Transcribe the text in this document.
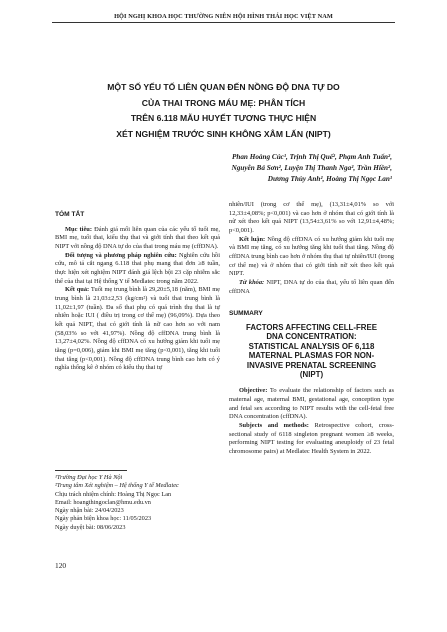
HỘI NGHỊ KHOA HỌC THƯỜNG NIÊN HỘI HÌNH THÁI HỌC VIỆT NAM
MỘT SỐ YẾU TỐ LIÊN QUAN ĐẾN NỒNG ĐỘ DNA TỰ DO
CỦA THAI TRONG MÁU MẸ: PHÂN TÍCH
TRÊN 6.118 MẪU HUYẾT TƯƠNG THỰC HIỆN
XÉT NGHIỆM TRƯỚC SINH KHÔNG XÂM LẤN (NIPT)
Phan Hoàng Cúc¹, Trịnh Thị Quế², Phạm Anh Tuấn²,
Nguyễn Bá Sơn², Luyện Thị Thanh Nga², Trần Hiền²,
Dương Thùy Anh², Hoàng Thị Ngọc Lan¹
TÓM TẮT

Mục tiêu: Đánh giá mối liên quan của các yếu tố tuổi mẹ, BMI mẹ, tuổi thai, kiểu thụ thai và giới tính thai theo kết quả NIPT với nồng độ DNA tự do của thai trong máu mẹ (cffDNA).

Đối tượng và phương pháp nghiên cứu: Nghiên cứu hồi cứu, mô tả cắt ngang 6.118 thai phụ mang thai đơn ≥8 tuần, thực hiện xét nghiệm NIPT đánh giá lệch bội 23 cặp nhiễm sắc thể của thai tại Hệ thống Y tế Medlatec trong năm 2022.

Kết quả: Tuổi mẹ trung bình là 29,20±5,18 (năm), BMI mẹ trung bình là 21,03±2,53 (kg/cm²) và tuổi thai trung bình là 11,02±1,97 (tuần). Đa số thai phụ có quá trình thụ thai là tự nhiên hoặc IUI ( điều trị trong cơ thể mẹ) (96,09%). Dựa theo kết quả NIPT, thai có giới tính là nữ cao hơn so với nam (58,03% so với 41,97%). Nồng độ cffDNA trung bình là 13,27±4,02%. Nồng độ cffDNA có xu hướng giảm khi tuổi mẹ tăng (p=0,006), giảm khi BMI mẹ tăng (p<0,001), tăng khi tuổi thai tăng (p<0,001). Nồng độ cffDNA trung bình cao hơn có ý nghĩa thống kê ở nhóm có kiểu thụ thai tự

¹Trường Đại học Y Hà Nội

²Trung tâm Xét nghiệm – Hệ thống Y tế Medlatec

Chịu trách nhiệm chính: Hoàng Thị Ngọc Lan

Email: hoangthingoclan@hmu.edu.vn

Ngày nhận bài: 24/04/2023

Ngày phản biện khoa học: 11/05/2023

Ngày duyệt bài: 08/06/2023

120

nhiên/IUI (trong cơ thể mẹ), (13,31±4,01% so với 12,33±4,08%; p<0,001) và cao hơn ở nhóm thai có giới tính là nữ xét theo kết quả NIPT (13,54±3,61% so với 12,91±4,48%; p<0,001).

Kết luận: Nồng độ cffDNA có xu hướng giảm khi tuổi mẹ và BMI mẹ tăng, có xu hướng tăng khi tuổi thai tăng. Nồng độ cffDNA trung bình cao hơn ở nhóm thụ thai tự nhiên/IUI (trong cơ thể mẹ) và ở nhóm thai có giới tính nữ xét theo kết quả NIPT.

Từ khóa: NIPT, DNA tự do của thai, yếu tố liên quan đến cffDNA

SUMMARY
FACTORS AFFECTING CELL-FREE
DNA CONCENTRATION:
STATISTICAL ANALYSIS OF 6,118
MATERNAL PLASMAS FOR NON-
INVASIVE PRENATAL SCREENING
(NIPT)

Objective: To evaluate the relationship of factors such as maternal age, maternal BMI, gestational age, conception type and fetal sex according to NIPT results with the cell-fetal free DNA concentration (cffDNA).

Subjects and methods: Retrospective cohort, cross-sectional study of 6118 singleton pregnant women ≥8 weeks, performing NIPT testing for evaluating aneuploidy of 23 fetal chromosome pairs) at Medlatec Health System in 2022.
